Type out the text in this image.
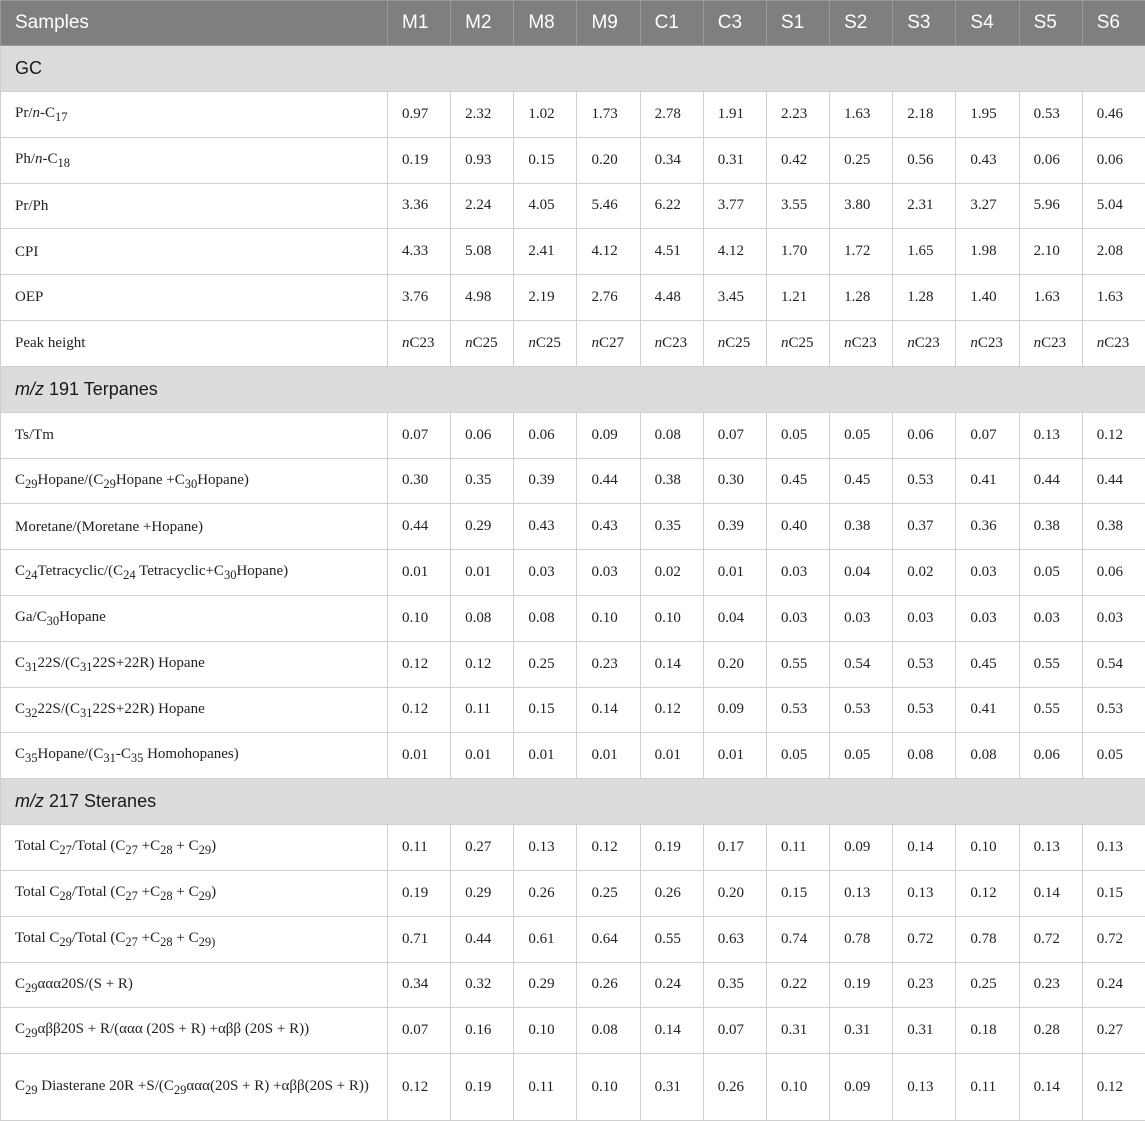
Samples	M1	M2	M8	M9	C1	C3	S1	S2	S3	S4	S5	S6
GC												
$Pr/n-C_{17}$	0.97	2.32	1.02	1.73	2.78	1.91	2.23	1.63	2.18	1.95	0.53	0.46
$Ph/n-C_{18}$	0.19	0.93	0.15	0.20	0.34	0.31	0.42	0.25	0.56	0.43	0.06	0.06
Pr/Ph	3.36	2.24	4.05	5.46	6.22	3.77	3.55	3.80	2.31	3.27	5.96	5.04
CPI	4.33	5.08	2.41	4.12	4.51	4.12	1.70	1.72	1.65	1.98	2.10	2.08
OEP	3.76	4.98	2.19	2.76	4.48	3.45	1.21	1.28	1.28	1.40	1.63	1.63
Peak height	nC23	nC25	nC25	nC27	nC23	nC25	nC25	nC23	nC23	nC23	nC23	nC23
m/z 191 Terpanes												
Ts/Tm	0.07	0.06	0.06	0.09	0.08	0.07	0.05	0.05	0.06	0.07	0.13	0.12
$C_{29}Hopane/(C_{29}Hopane$ $+C_{30}Hopane$)	0.30	0.35	0.39	0.44	0.38	0.30	0.45	0.45	0.53	0.41	0.44	0.44
Moretane/(Moretane +Hopane)	0.44	0.29	0.43	0.43	0.35	0.39	0.40	0.38	0.37	0.36	0.38	0.38
$C_{24}Tetracyclic/(C_{24}$ $Tetracyclic+C_{30}Hopane$)	0.01	0.01	0.03	0.03	0.02	0.01	0.03	0.04	0.02	0.03	0.05	0.06
$Ga/C_{30}Hopane$	0.10	0.08	0.08	0.10	0.10	0.04	0.03	0.03	0.03	0.03	0.03	0.03
$C_{31}22S/(C_{31}22S+22R)$ Hopane	0.12	0.12	0.25	0.23	0.14	0.20	0.55	0.54	0.53	0.45	0.55	0.54
$C_{32}22S/(C_{31}22S+22R)$ Hopane	0.12	0.11	0.15	0.14	0.12	0.09	0.53	0.53	0.53	0.41	0.55	0.53
$C_{35}Hopane/(C_{31}-C_{35}$ Homohopanes)	0.01	0.01	0.01	0.01	0.01	0.01	0.05	0.05	0.08	0.08	0.06	0.05
m/z 217 Steranes												
Total $C_{27}$/Total $(C_{27} +C_{28} + C_{29})$	0.11	0.27	0.13	0.12	0.19	0.17	0.11	0.09	0.14	0.10	0.13	0.13
Total $C_{28}$/Total $(C_{27} +C_{28} + C_{29})$	0.19	0.29	0.26	0.25	0.26	0.20	0.15	0.13	0.13	0.12	0.14	0.15
Total $C_{29}$/Total ($C_{27} +C_{28} + C_{29)}$	0.71	0.44	0.61	0.64	0.55	0.63	0.74	0.78	0.72	0.78	0.72	0.72
$C_{29}\alpha\alpha\alpha 20S/(S + R)$	0.34	0.32	0.29	0.26	0.24	0.35	0.22	0.19	0.23	0.25	0.23	0.24
$C_{29}\alpha\beta\beta 20S + R/(\alpha\alpha\alpha$ (20S + R) +αββ (20S + R))	0.07	0.16	0.10	0.08	0.14	0.07	0.31	0.31	0.31	0.18	0.28	0.27
$C_{29}$ Diasterane $20R +S/(C_{29}\alpha\alpha\alpha(20S + R) +\alpha\beta\beta(20S + R))$	0.12	0.19	0.11	0.10	0.31	0.26	0.10	0.09	0.13	0.11	0.14	0.12
